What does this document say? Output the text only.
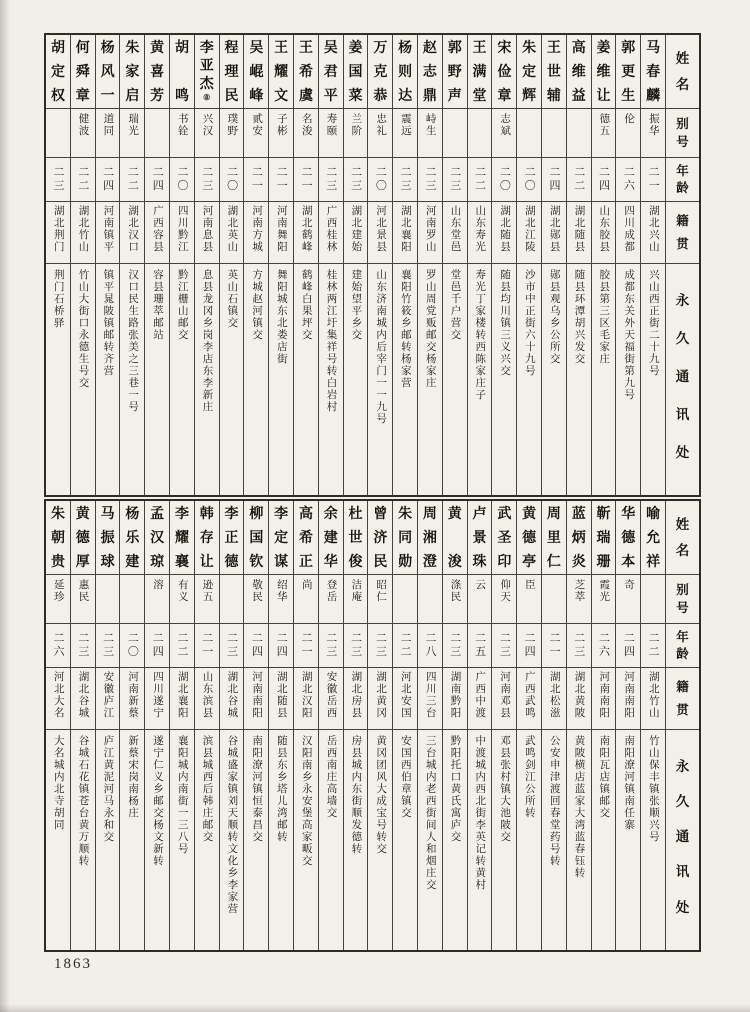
姓
名
别
号
年
龄
籍
贯
永
久
通
讯
处
马
春
麟
振华
二一
湖北兴山
兴山西正街二十九号
郭
更
生
伦
二六
四川成都
成都东关外天福街第九号
姜
维
让
德五
二四
山东胶县
胶县第三区毛家庄
高
维
益
二二
湖北随县
随县环潭胡兴发交
王
世
辅
二四
湖北郧县
郧县观乌乡公所交
朱
定
辉
二〇
湖北江陵
沙市中正街六十九号
宋
俭
章
志斌
二〇
湖北随县
随县均川镇三义兴交
王
满
堂
二二
山东寿光
寿光丁家楼转西陈家庄子
郭
野
声
二三
山东堂邑
堂邑千户营交
赵
志
鼎
峙生
二三
河南罗山
罗山周党贩邮交杨家庄
杨
则
达
震远
二三
湖北襄阳
襄阳竹筱乡邮转杨家营
万
克
恭
忠礼
二〇
河北景县
山东济南城内后宰门一一九号
姜
国
菜
兰阶
二三
湖北建始
建始望平乡交
吴
君
平
寿颐
二三
广西桂林
桂林两江圩集祥号转白岩村
王
希
虞
名浚
二一
湖北鹤峰
鹤峰白果坪交
王
耀
文
子彬
二一
河南舞阳
舞阳城东北娄店街
吴
崐
峰
贰安
二一
河南方城
方城赵河镇交
程
理
民
璞野
二〇
湖北英山
英山石镇交
李
亚
杰
⑧
兴汉
二三
河南息县
息县龙冈乡岗李店东李新庄
胡
鸣
书铨
二〇
四川黔江
黔江栅山邮交
黄
喜
芳
二四
广西容县
容县珊萃邮站
朱
家
启
瑞光
二二
湖北汉口
汉口民生路张美之三巷一号
杨
风
一
道同
二四
河南镇平
镇平晁陂镇邮转齐营
何
舜
章
健波
二二
湖北竹山
竹山大街口永德生号交
胡
定
权
二三
湖北荆门
荆门石桥驿
姓
名
别
号
年
龄
籍
贯
永
久
通
讯
处
喻
允
祥
二二
湖北竹山
竹山保丰镇张顺兴号
华
德
本
奇
二四
河南南阳
南阳潦河镇南任寨
靳
瑞
珊
霞光
二六
河南南阳
南阳瓦店镇邮交
蓝
炳
炎
芝萃
二三
湖北黄陂
黄陂横店蓝家大湾蓝春钰转
周
里
仁
二一
湖北松滋
公安申津渡回春堂药号转
黄
德
亭
臣
二四
广西武鸣
武鸣剑江公所转
武
圣
印
仰天
二三
河南邓县
邓县张村镇大池陂交
卢
景
珠
云
二五
广西中渡
中渡城内西北街李英记转黄村
黄
浚
涤民
二三
湖南黔阳
黔阳托口黄氏寓庐交
周
湘
澄
二八
四川三台
三台城内老西街间人和烟庄交
朱
同
勋
二二
河北安国
安国西伯章镇交
曾
济
民
昭仁
二三
湖北黄冈
黄冈团风大成宝号转交
杜
世
俊
洁庵
二三
湖北房县
房县城内东街顺发德转
余
建
华
登岳
二三
安徽岳西
岳西南庄高墙交
高
希
正
尚
二一
湖北汉阳
汉阳南乡永安堡高家畈交
李
定
谋
绍华
二四
湖北随县
随县东乡塔儿湾邮转
柳
国
钦
敬民
二四
河南南阳
南阳潦河镇恒泰昌交
李
正
德
二三
湖北谷城
谷城盛家镇刘天顺转文化乡李家营
韩
存
让
逊五
二一
山东滨县
滨县城西后韩庄邮交
李
耀
襄
有义
二二
湖北襄阳
襄阳城内南街一三八号
孟
汉
琼
溶
二四
四川遂宁
遂宁仁义乡邮交杨文新转
杨
乐
建
二〇
河南新蔡
新蔡宋岗南杨庄
马
振
球
二三
安徽庐江
庐江黄泥河马永和交
黄
德
厚
惠民
二三
湖北谷城
谷城石花镇苍台黄万顺转
朱
朝
贵
延珍
二六
河北大名
大名城内北寺胡同
1863
